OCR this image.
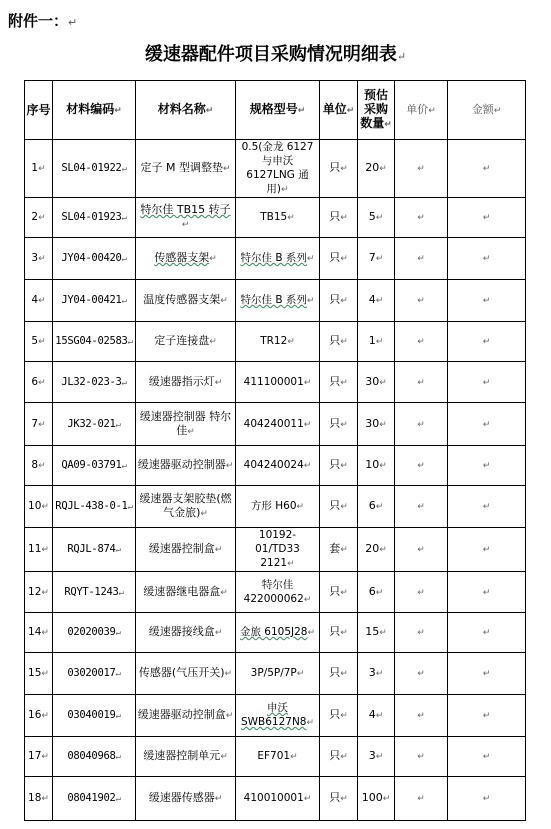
附件一：↵
缓速器配件项目采购情况明细表↵
序号	材料编码↵	材料名称↵	规格型号↵	单位↵	预估采购数量↵	单价↵	金额↵
1↵	SL04-01922↵	定子 M 型调整垫↵	0.5(金龙 6127 与申沃 6127LNG 通用)↵	只↵	20↵	↵	↵
2↵	SL04-01923↵	特尔佳 TB15 转子↵	TB15↵	只↵	5↵	↵	↵
3↵	JY04-00420↵	传感器支架↵	特尔佳 B 系列↵	只↵	7↵	↵	↵
4↵	JY04-00421↵	温度传感器支架↵	特尔佳 B 系列↵	只↵	4↵	↵	↵
5↵	15SG04-02583↵	定子连接盘↵	TR12↵	只↵	1↵	↵	↵
6↵	JL32-023-3↵	缓速器指示灯↵	411100001↵	只↵	30↵	↵	↵
7↵	JK32-021↵	缓速器控制器 特尔佳↵	404240011↵	只↵	30↵	↵	↵
8↵	QA09-03791↵	缓速器驱动控制器↵	404240024↵	只↵	10↵	↵	↵
10↵	RQJL-438-0-1↵	缓速器支架胶垫(燃气金旅)↵	方形 H60↵	只↵	6↵	↵	↵
11↵	RQJL-874↵	缓速器控制盒↵	10192-01/TD33 2121↵	套↵	20↵	↵	↵
12↵	RQYT-1243↵	缓速器继电器盒↵	特尔佳 422000062↵	只↵	6↵	↵	↵
14↵	02020039↵	缓速器接线盒↵	金旅 6105J28↵	只↵	15↵	↵	↵
15↵	03020017↵	传感器(气压开关)↵	3P/5P/7P↵	只↵	3↵	↵	↵
16↵	03040019↵	缓速器驱动控制盒↵	申沃 SWB6127N8↵	只↵	4↵	↵	↵
17↵	08040968↵	缓速器控制单元↵	EF701↵	只↵	3↵	↵	↵
18↵	08041902↵	缓速器传感器↵	410010001↵	只↵	100↵	↵	↵
